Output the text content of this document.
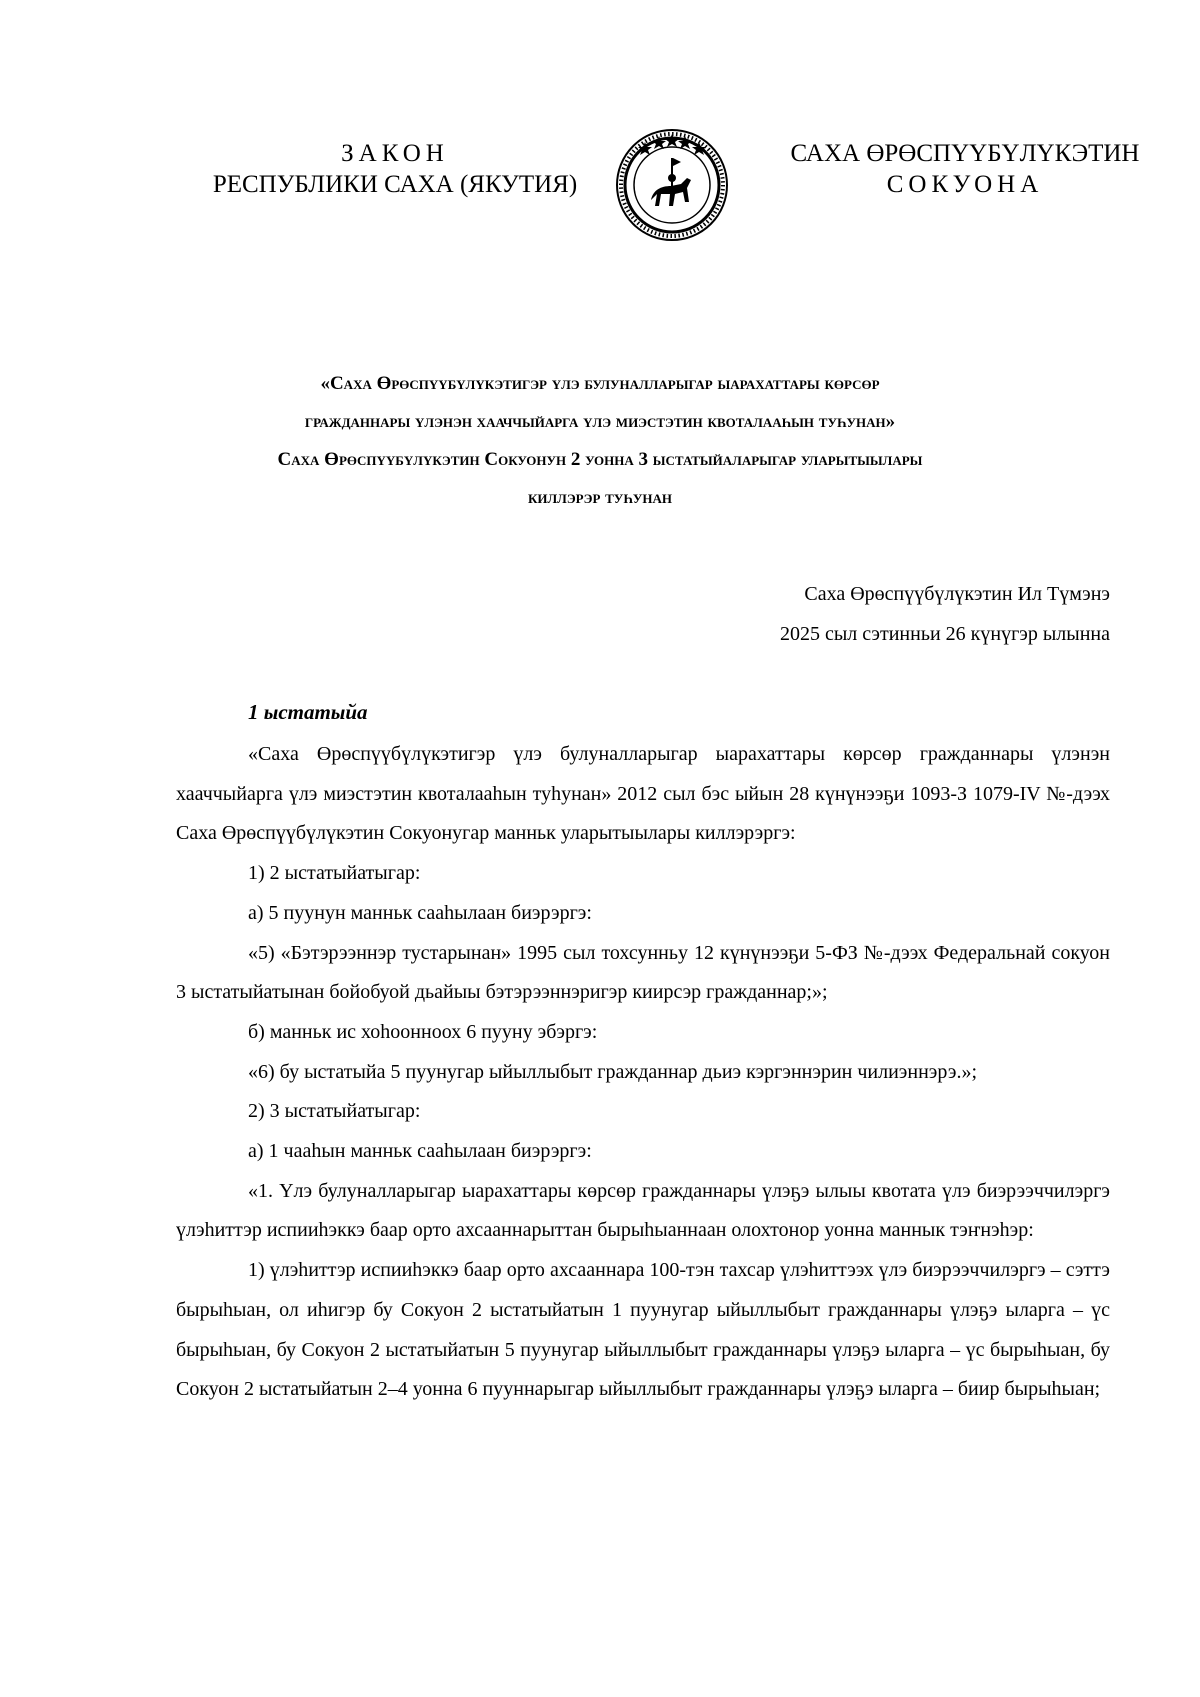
ЗАКОН
РЕСПУБЛИКИ САХА (ЯКУТИЯ)
САХА ӨРӨСПҮҮБҮЛҮКЭТИН
СОКУОНА
«Саха Өрөспүүбүлүкэтигэр үлэ булуналларыгар ыарахаттары көрсөр
гражданнары үлэнэн хааччыйарга үлэ миэстэтин квоталааһын туһунан»
Саха Өрөспүүбүлүкэтин Сокуонун 2 уонна 3 ыстатыйаларыгар уларытыылары
киллэрэр туһунан
Саха Өрөспүүбүлүкэтин Ил Түмэнэ
2025 сыл сэтинньи 26 күнүгэр ылынна
1 ыстатыйа

«Саха Өрөспүүбүлүкэтигэр үлэ булуналларыгар ыарахаттары көрсөр гражданнары үлэнэн хааччыйарга үлэ миэстэтин квоталааһын туһунан» 2012 сыл бэс ыйын 28 күнүнээҕи 1093-З 1079-IV №-дээх Саха Өрөспүүбүлүкэтин Сокуонугар манньк уларытыылары киллэрэргэ:

1) 2 ыстатыйатыгар:

а) 5 пуунун манньк сааһылаан биэрэргэ:

«5) «Бэтэрээннэр тустарынан» 1995 сыл тохсунньу 12 күнүнээҕи 5-ФЗ №-дээх Федеральнай сокуон 3 ыстатыйатынан бойобуой дьайыы бэтэрээннэригэр киирсэр гражданнар;»;

б) манньк ис хоһоонноох 6 пууну эбэргэ:

«6) бу ыстатыйа 5 пуунугар ыйыллыбыт гражданнар дьиэ кэргэннэрин чилиэннэрэ.»;

2) 3 ыстатыйатыгар:

а) 1 чааһын манньк сааһылаан биэрэргэ:

«1. Үлэ булуналларыгар ыарахаттары көрсөр гражданнары үлэҕэ ылыы квотата үлэ биэрээччилэргэ үлэһиттэр испииһэккэ баар орто ахсааннарыттан бырыһыаннаан олохтонор уонна маннык тэҥнэһэр:

1) үлэһиттэр испииһэккэ баар орто ахсааннара 100-тэн тахсар үлэһиттээх үлэ биэрээччилэргэ – сэттэ бырыһыан, ол иһигэр бу Сокуон 2 ыстатыйатын 1 пуунугар ыйыллыбыт гражданнары үлэҕэ ыларга – үс бырыһыан, бу Сокуон 2 ыстатыйатын 5 пуунугар ыйыллыбыт гражданнары үлэҕэ ыларга – үс бырыһыан, бу Сокуон 2 ыстатыйатын 2–4 уонна 6 пууннарыгар ыйыллыбыт гражданнары үлэҕэ ыларга – биир бырыһыан;
